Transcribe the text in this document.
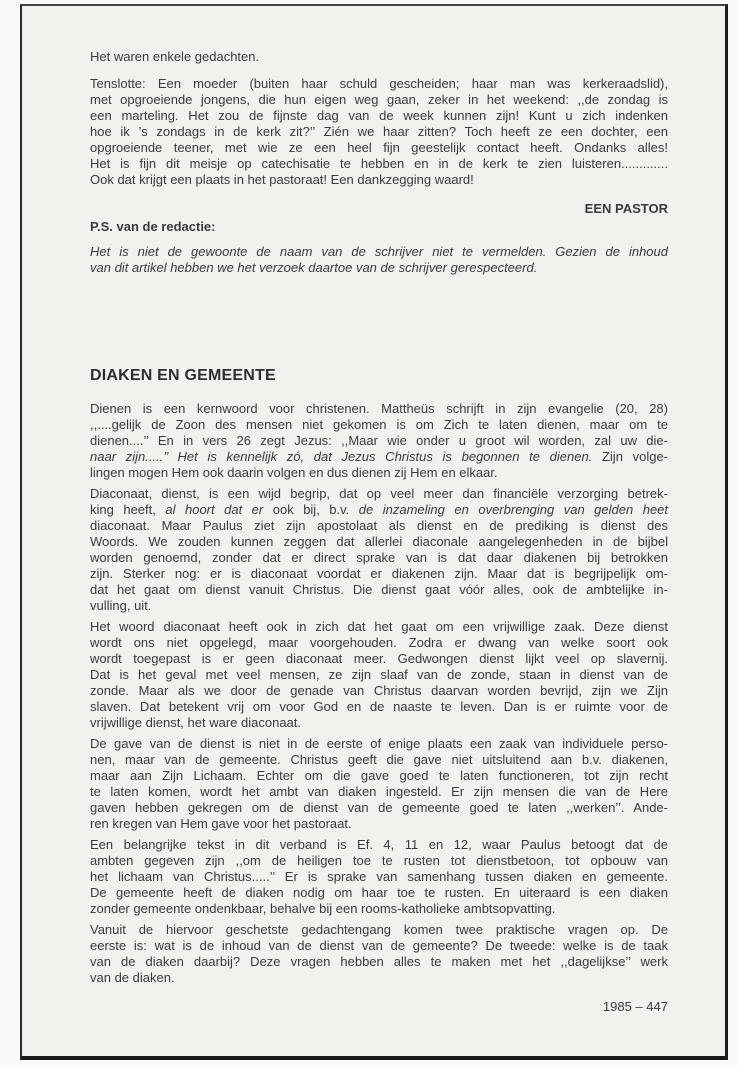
Het waren enkele gedachten.
Tenslotte: Een moeder (buiten haar schuld gescheiden; haar man was kerkeraadslid),
met opgroeiende jongens, die hun eigen weg gaan, zeker in het weekend: ,,de zondag is
een marteling. Het zou de fijnste dag van de week kunnen zijn! Kunt u zich indenken
hoe ik ’s zondags in de kerk zit?’’ Zién we haar zitten? Toch heeft ze een dochter, een
opgroeiende teener, met wie ze een heel fijn geestelijk contact heeft. Ondanks alles!
Het is fijn dit meisje op catechisatie te hebben en in de kerk te zien luisteren.............
Ook dat krijgt een plaats in het pastoraat! Een dankzegging waard!
EEN PASTOR
P.S. van de redactie:
Het is niet de gewoonte de naam van de schrijver niet te vermelden. Gezien de inhoud
van dit artikel hebben we het verzoek daartoe van de schrijver gerespecteerd.
DIAKEN EN GEMEENTE
Dienen is een kernwoord voor christenen. Mattheüs schrijft in zijn evangelie (20, 28)
,,....gelijk de Zoon des mensen niet gekomen is om Zich te laten dienen, maar om te
dienen....’’ En in vers 26 zegt Jezus: ,,Maar wie onder u groot wil worden, zal uw die-
naar zijn.....’’ Het is kennelijk zó, dat Jezus Christus is begonnen te dienen. Zijn volge-
lingen mogen Hem ook daarin volgen en dus dienen zij Hem en elkaar.
Diaconaat, dienst, is een wijd begrip, dat op veel meer dan financiële verzorging betrek-
king heeft, al hoort dat er ook bij, b.v. de inzameling en overbrenging van gelden heet
diaconaat. Maar Paulus ziet zijn apostolaat als dienst en de prediking is dienst des
Woords. We zouden kunnen zeggen dat allerlei diaconale aangelegenheden in de bijbel
worden genoemd, zonder dat er direct sprake van is dat daar diakenen bij betrokken
zijn. Sterker nog: er is diaconaat voordat er diakenen zijn. Maar dat is begrijpelijk om-
dat het gaat om dienst vanuit Christus. Die dienst gaat vóór alles, ook de ambtelijke in-
vulling, uit.
Het woord diaconaat heeft ook in zich dat het gaat om een vrijwillige zaak. Deze dienst
wordt ons niet opgelegd, maar voorgehouden. Zodra er dwang van welke soort ook
wordt toegepast is er geen diaconaat meer. Gedwongen dienst lijkt veel op slavernij.
Dat is het geval met veel mensen, ze zijn slaaf van de zonde, staan in dienst van de
zonde. Maar als we door de genade van Christus daarvan worden bevrijd, zijn we Zijn
slaven. Dat betekent vrij om voor God en de naaste te leven. Dan is er ruimte voor de
vrijwillige dienst, het ware diaconaat.
De gave van de dienst is niet in de eerste of enige plaats een zaak van individuele perso-
nen, maar van de gemeente. Christus geeft die gave niet uitsluitend aan b.v. diakenen,
maar aan Zijn Lichaam. Echter om die gave goed te laten functioneren, tot zijn recht
te laten komen, wordt het ambt van diaken ingesteld. Er zijn mensen die van de Here
gaven hebben gekregen om de dienst van de gemeente goed te laten ,,werken’’. Ande-
ren kregen van Hem gave voor het pastoraat.
Een belangrijke tekst in dit verband is Ef. 4, 11 en 12, waar Paulus betoogt dat de
ambten gegeven zijn ,,om de heiligen toe te rusten tot dienstbetoon, tot opbouw van
het lichaam van Christus.....’’ Er is sprake van samenhang tussen diaken en gemeente.
De gemeente heeft de diaken nodig om haar toe te rusten. En uiteraard is een diaken
zonder gemeente ondenkbaar, behalve bij een rooms-katholieke ambtsopvatting.
Vanuit de hiervoor geschetste gedachtengang komen twee praktische vragen op. De
eerste is: wat is de inhoud van de dienst van de gemeente? De tweede: welke is de taak
van de diaken daarbij? Deze vragen hebben alles te maken met het ,,dagelijkse’’ werk
van de diaken.
1985 – 447
